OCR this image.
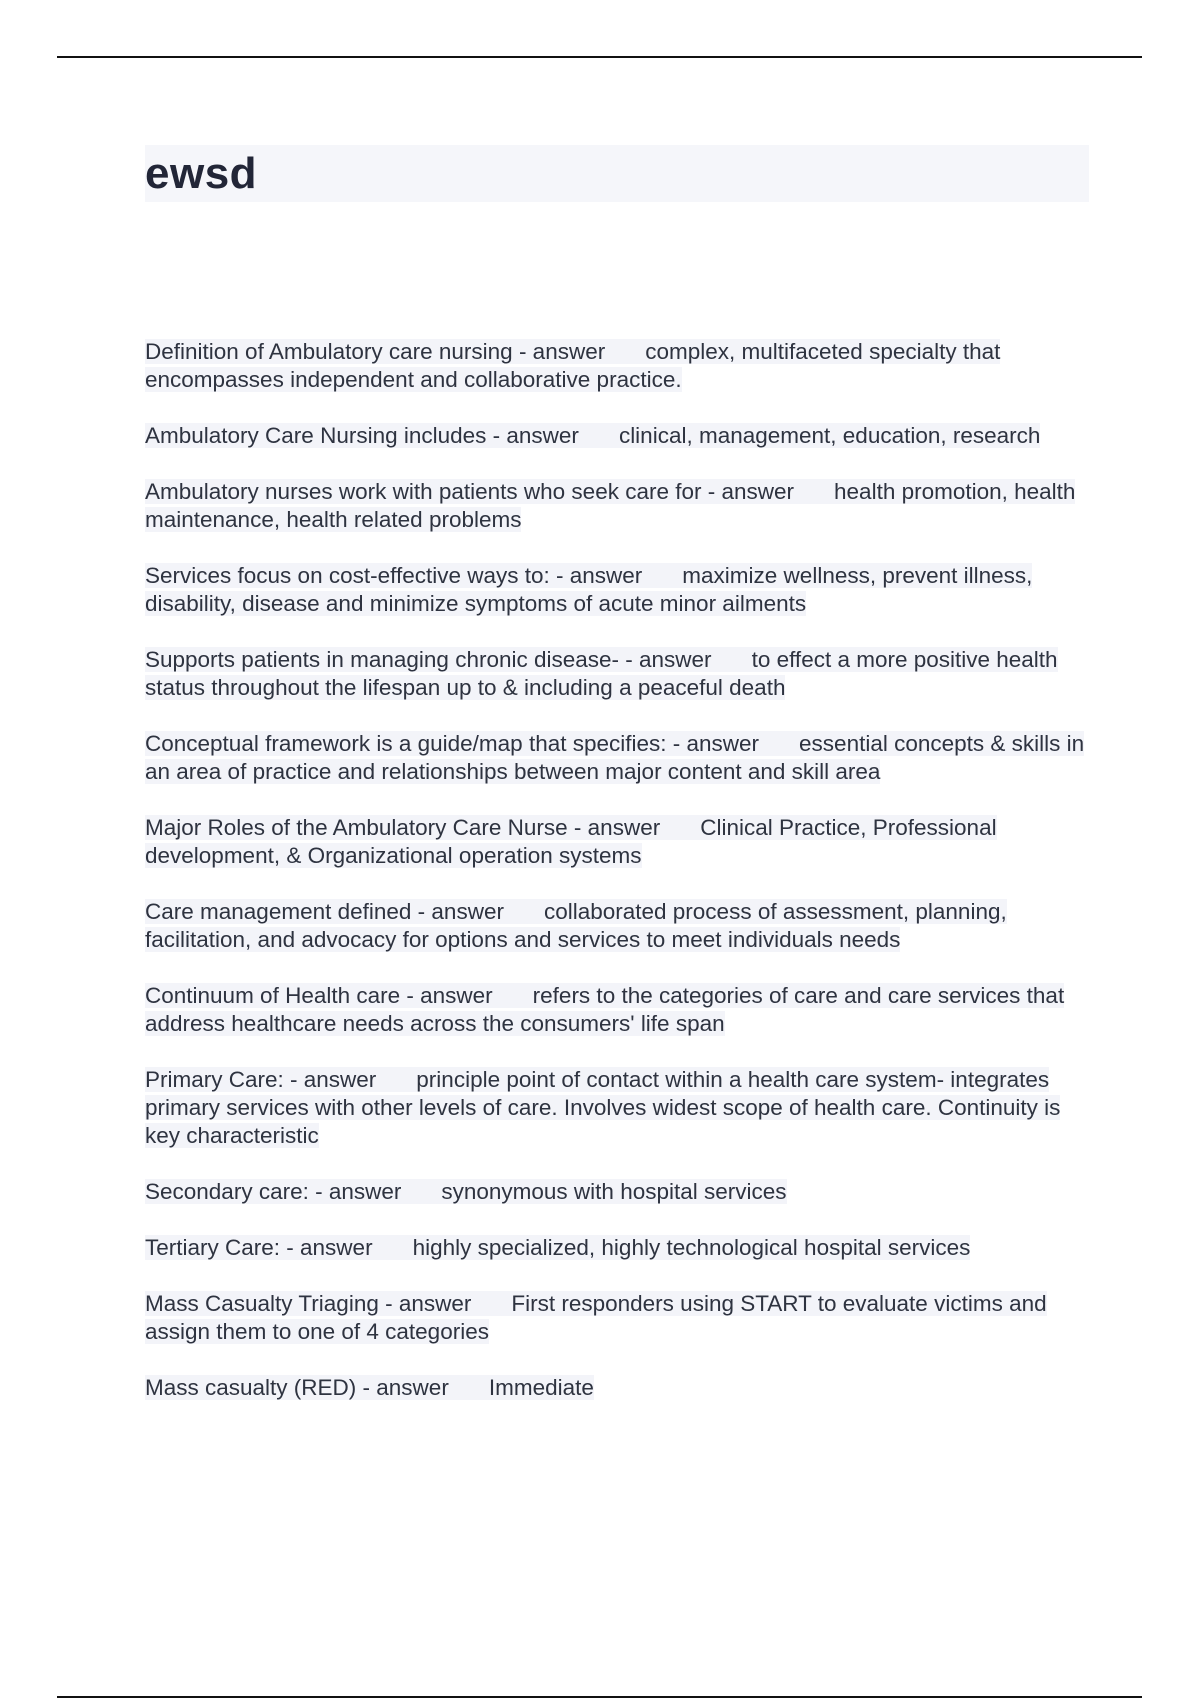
ewsd
Definition of Ambulatory care nursing - answer complex, multifaceted specialty that encompasses independent and collaborative practice.
Ambulatory Care Nursing includes - answer clinical, management, education, research
Ambulatory nurses work with patients who seek care for - answer health promotion, health maintenance, health related problems
Services focus on cost-effective ways to: - answer maximize wellness, prevent illness, disability, disease and minimize symptoms of acute minor ailments
Supports patients in managing chronic disease- - answer to effect a more positive health status throughout the lifespan up to & including a peaceful death
Conceptual framework is a guide/map that specifies: - answer essential concepts & skills in an area of practice and relationships between major content and skill area
Major Roles of the Ambulatory Care Nurse - answer Clinical Practice, Professional development, & Organizational operation systems
Care management defined - answer collaborated process of assessment, planning, facilitation, and advocacy for options and services to meet individuals needs
Continuum of Health care - answer refers to the categories of care and care services that address healthcare needs across the consumers' life span
Primary Care: - answer principle point of contact within a health care system- integrates primary services with other levels of care. Involves widest scope of health care. Continuity is key characteristic
Secondary care: - answer synonymous with hospital services
Tertiary Care: - answer highly specialized, highly technological hospital services
Mass Casualty Triaging - answer First responders using START to evaluate victims and assign them to one of 4 categories
Mass casualty (RED) - answer Immediate
